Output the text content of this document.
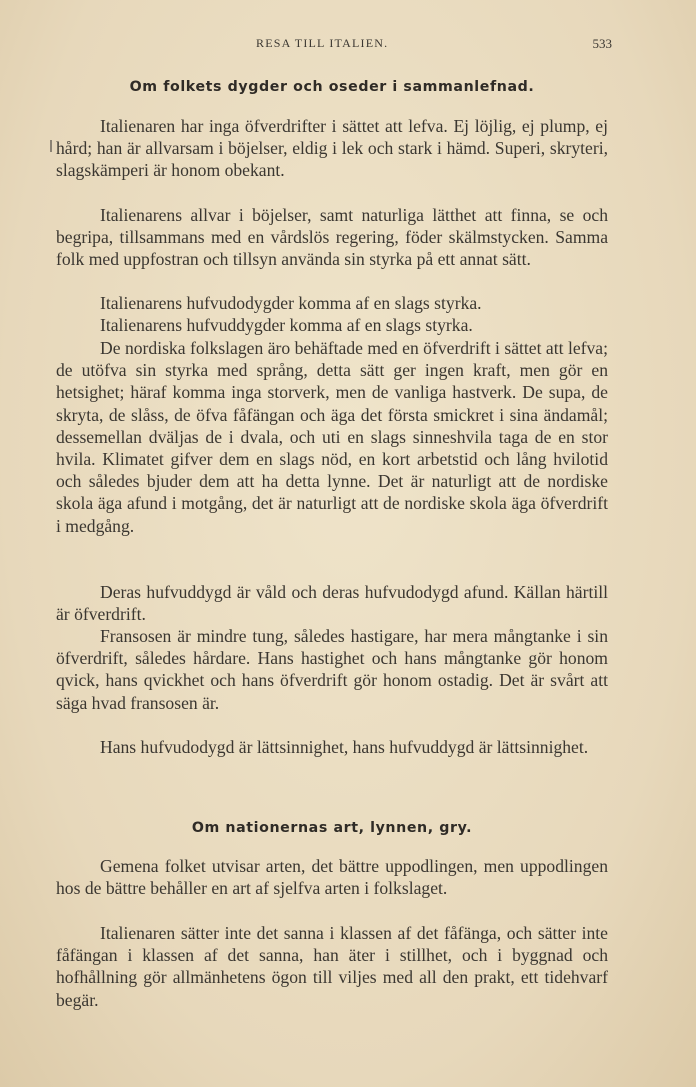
RESA TILL ITALIEN.	533
Om folkets dygder och oseder i sammanlefnad.

Italienaren har inga öfverdrifter i sättet att lefva. Ej löjlig, ej plump, ej hård; han är allvarsam i böjelser, eldig i lek och stark i hämd. Superi, skryteri, slagskämperi är honom obekant.

Italienarens allvar i böjelser, samt naturliga lätthet att finna, se och begripa, tillsammans med en vårdslös regering, föder skälmstycken. Samma folk med uppfostran och tillsyn använda sin styrka på ett annat sätt.

Italienarens hufvudodygder komma af en slags styrka.

Italienarens hufvuddygder komma af en slags styrka.

De nordiska folkslagen äro behäftade med en öfverdrift i sättet att lefva; de utöfva sin styrka med språng, detta sätt ger ingen kraft, men gör en hetsighet; häraf komma inga storverk, men de vanliga hastverk. De supa, de skryta, de slåss, de öfva fåfängan och äga det första smickret i sina ändamål; dessemellan dväljas de i dvala, och uti en slags sinneshvila taga de en stor hvila. Klimatet gifver dem en slags nöd, en kort arbetstid och lång hvilotid och således bjuder dem att ha detta lynne. Det är naturligt att de nordiske skola äga afund i motgång, det är naturligt att de nordiske skola äga öfverdrift i medgång.

Deras hufvuddygd är våld och deras hufvudodygd afund. Källan härtill är öfverdrift.

Fransosen är mindre tung, således hastigare, har mera mångtanke i sin öfverdrift, således hårdare. Hans hastighet och hans mångtanke gör honom qvick, hans qvickhet och hans öfverdrift gör honom ostadig. Det är svårt att säga hvad fransosen är.

Hans hufvudodygd är lättsinnighet, hans hufvuddygd är lättsinnighet.

Om nationernas art, lynnen, gry.

Gemena folket utvisar arten, det bättre uppodlingen, men uppodlingen hos de bättre behåller en art af sjelfva arten i folkslaget.

Italienaren sätter inte det sanna i klassen af det fåfänga, och sätter inte fåfängan i klassen af det sanna, han äter i stillhet, och i byggnad och hofhållning gör allmänhetens ögon till viljes med all den prakt, ett tidehvarf begär.
